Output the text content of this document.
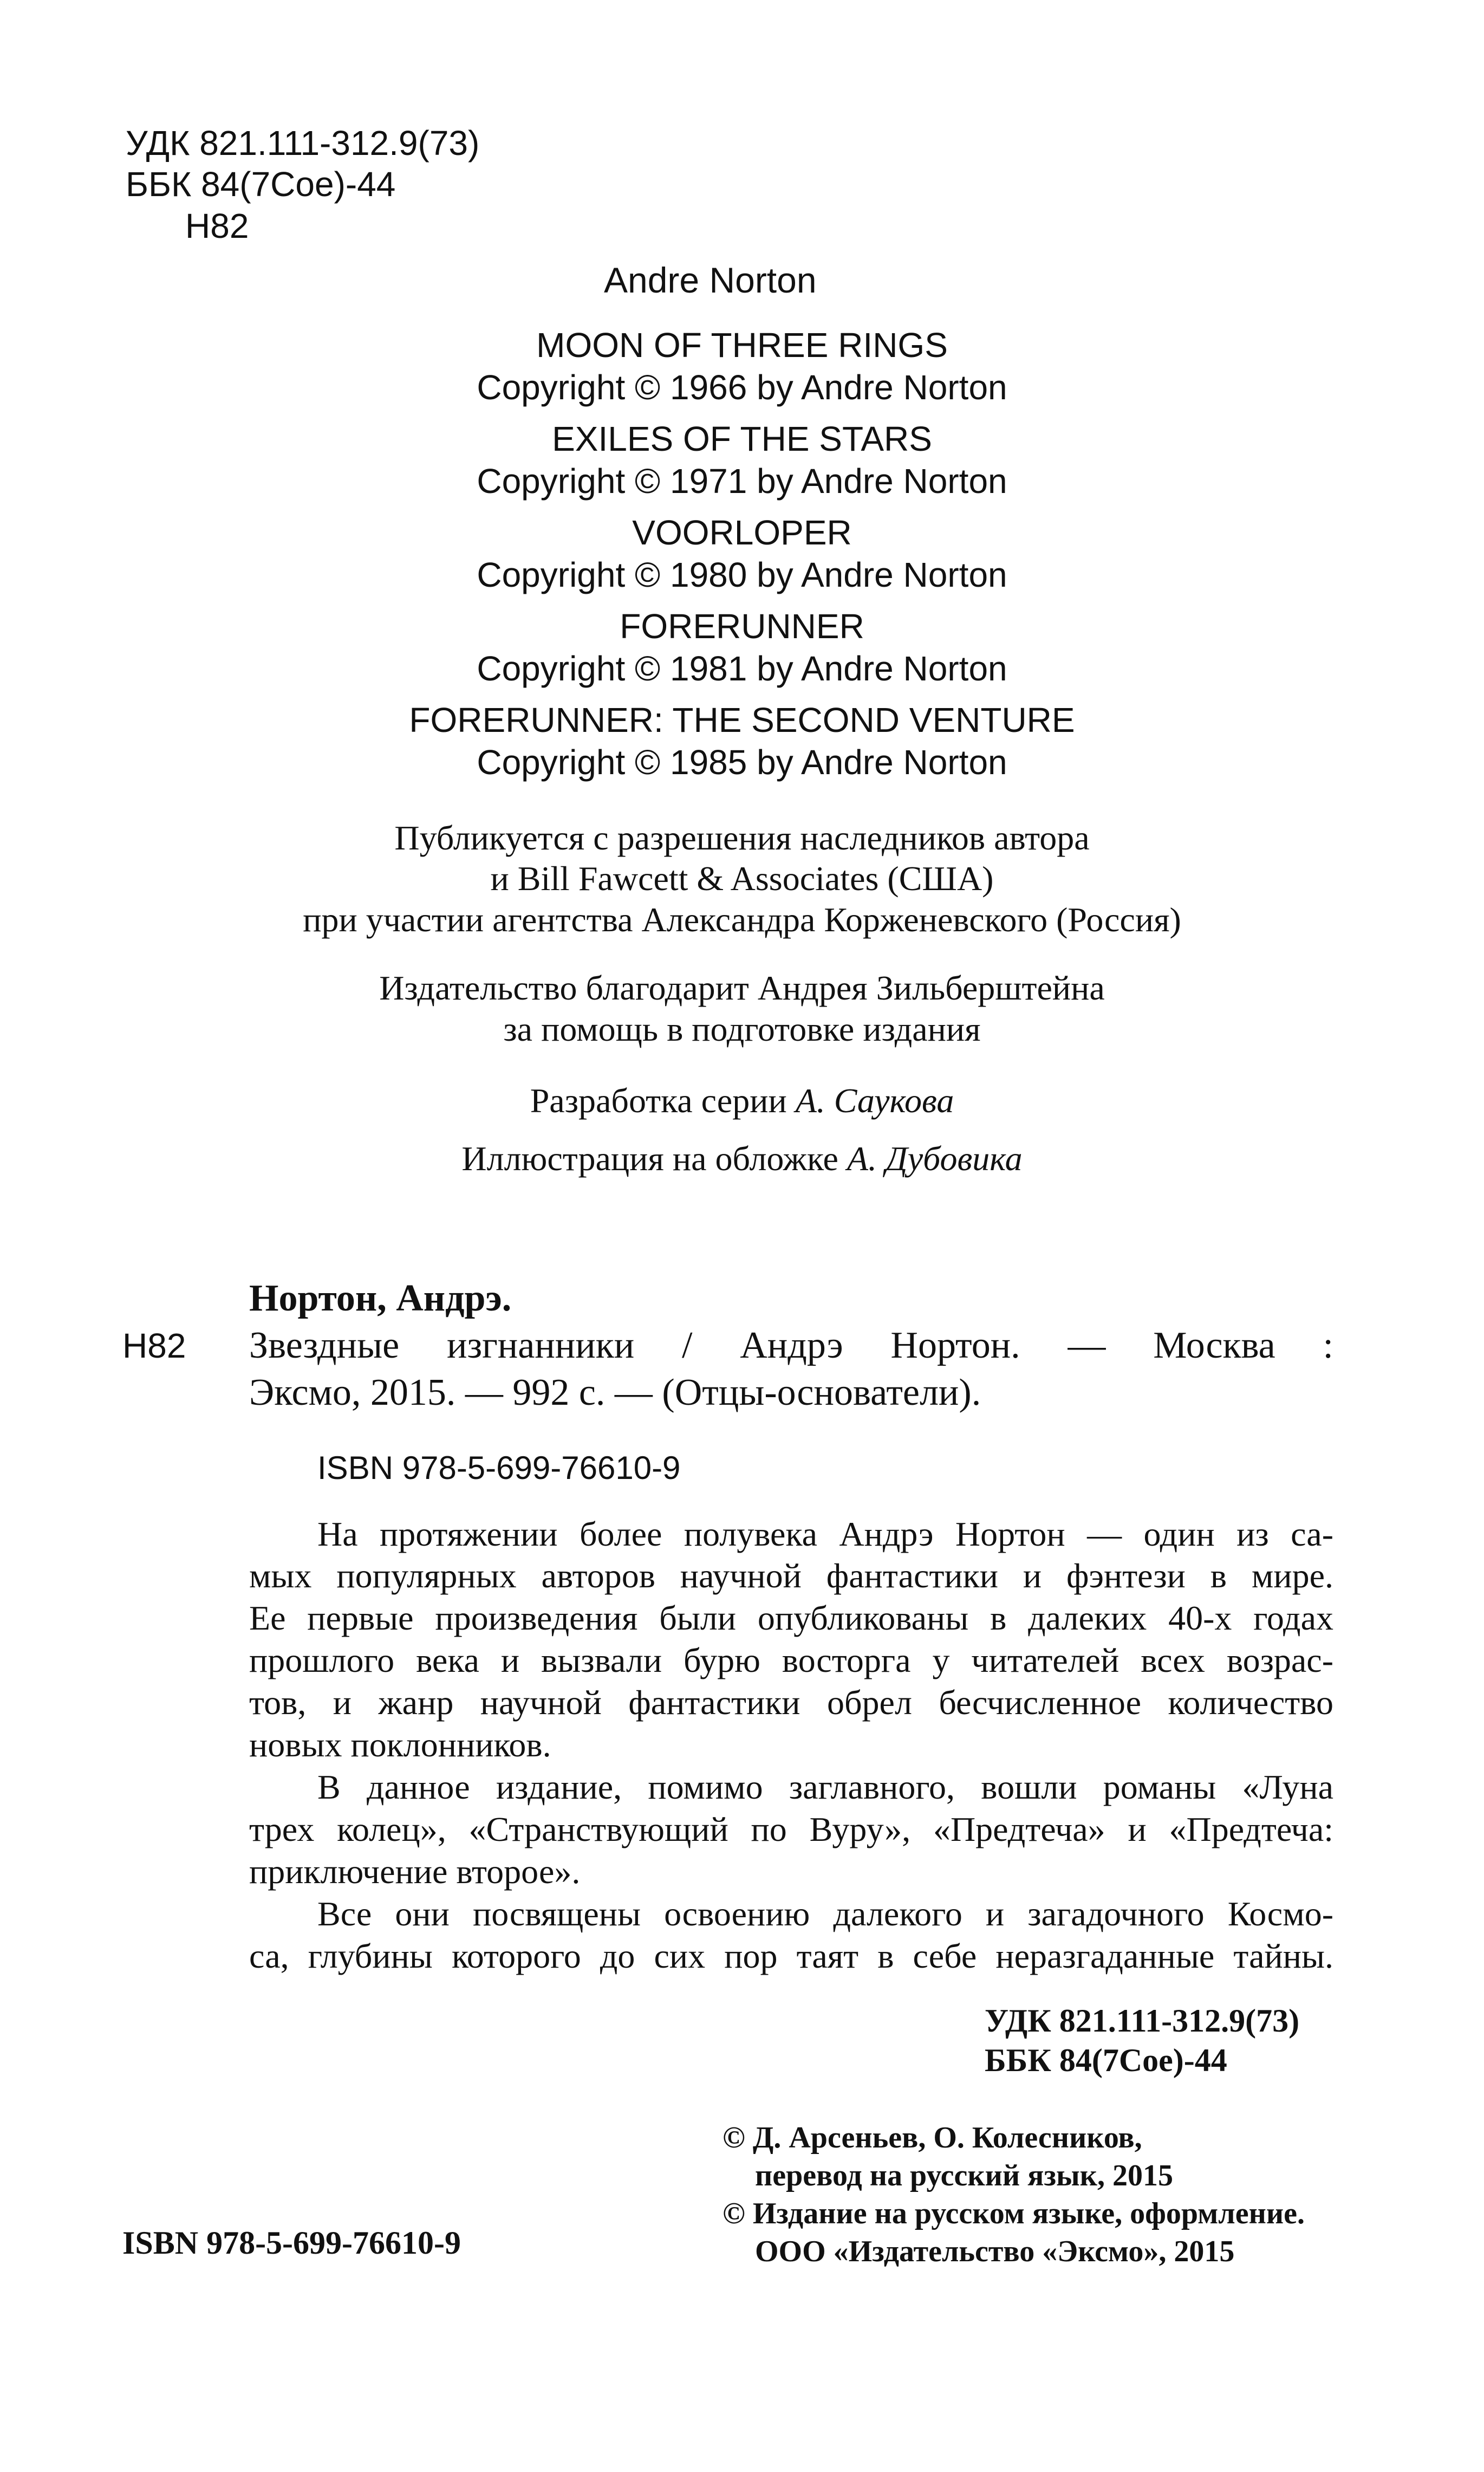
УДК 821.111-312.9(73)
ББК 84(7Сое)-44
Н82
Andre Norton
MOON OF THREE RINGS
Copyright © 1966 by Andre Norton
EXILES OF THE STARS
Copyright © 1971 by Andre Norton
VOORLOPER
Copyright © 1980 by Andre Norton
FORERUNNER
Copyright © 1981 by Andre Norton
FORERUNNER: THE SECOND VENTURE
Copyright © 1985 by Andre Norton
Публикуется с разрешения наследников автора
и Bill Fawcett & Associates (США)
при участии агентства Александра Корженевского (Россия)
Издательство благодарит Андрея Зильберштейна
за помощь в подготовке издания
Разработка серии А. Саукова
Иллюстрация на обложке А. Дубовика
Нортон, Андрэ.
Н82 Звездные изгнанники / Андрэ Нортон. — Москва :
Эксмо, 2015. — 992 с. — (Отцы-основатели).
ISBN 978-5-699-76610-9
На протяжении более полувека Андрэ Нортон — один из са-
мых популярных авторов научной фантастики и фэнтези в мире.
Ее первые произведения были опубликованы в далеких 40-х годах
прошлого века и вызвали бурю восторга у читателей всех возрас-
тов, и жанр научной фантастики обрел бесчисленное количество
новых поклонников.
В данное издание, помимо заглавного, вошли романы «Луна
трех колец», «Странствующий по Вуру», «Предтеча» и «Предтеча:
приключение второе».
Все они посвящены освоению далекого и загадочного Космо-
са, глубины которого до сих пор таят в себе неразгаданные тайны.
УДК 821.111-312.9(73)
ББК 84(7Сое)-44
© Д. Арсеньев, О. Колесников,
перевод на русский язык, 2015
© Издание на русском языке, оформление.
ООО «Издательство «Эксмо», 2015
ISBN 978-5-699-76610-9
